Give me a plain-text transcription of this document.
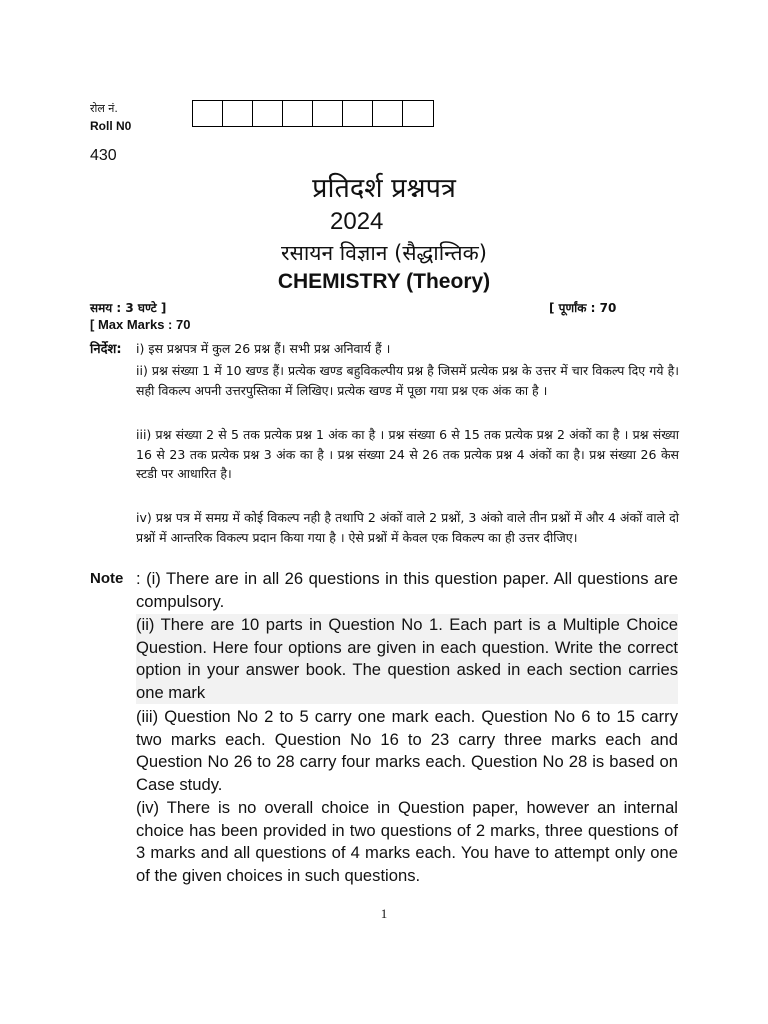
रोल नं.
Roll N0
430
प्रतिदर्श प्रश्नपत्र
2024
रसायन विज्ञान (सैद्धान्तिक)
CHEMISTRY (Theory)
समय : 3 घण्टे ]	[ पूर्णांक : 70
[ Max Marks : 70
निर्देश: i) इस प्रश्नपत्र में कुल 26 प्रश्न हैं। सभी प्रश्न अनिवार्य हैं ।

ii) प्रश्न संख्या 1 में 10 खण्ड हैं। प्रत्येक खण्ड बहुविकल्पीय प्रश्न है जिसमें प्रत्येक प्रश्न के उत्तर में चार विकल्प दिए गये है। सही विकल्प अपनी उत्तरपुस्तिका में लिखिए। प्रत्येक खण्ड में पूछा गया प्रश्न एक अंक का है ।

iii) प्रश्न संख्या 2 से 5 तक प्रत्येक प्रश्न 1 अंक का है । प्रश्न संख्या 6 से 15 तक प्रत्येक प्रश्न 2 अंकों का है । प्रश्न संख्या 16 से 23 तक प्रत्येक प्रश्न 3 अंक का है । प्रश्न संख्या 24 से 26 तक प्रत्येक प्रश्न 4 अंकों का है। प्रश्न संख्या 26 केस स्टडी पर आधारित है।

iv) प्रश्न पत्र में समग्र में कोई विकल्प नही है तथापि 2 अंकों वाले 2 प्रश्नों, 3 अंको वाले तीन प्रश्नों में और 4 अंकों वाले दो प्रश्नों में आन्तरिक विकल्प प्रदान किया गया है । ऐसे प्रश्नों में केवल एक विकल्प का ही उत्तर दीजिए।

Note : (i) There are in all 26 questions in this question paper. All questions are compulsory.

(ii) There are 10 parts in Question No 1. Each part is a Multiple Choice Question. Here four options are given in each question. Write the correct option in your answer book. The question asked in each section carries one mark

(iii) Question No 2 to 5 carry one mark each. Question No 6 to 15 carry two marks each. Question No 16 to 23 carry three marks each and Question No 26 to 28 carry four marks each. Question No 28 is based on Case study.

(iv) There is no overall choice in Question paper, however an internal choice has been provided in two questions of 2 marks, three questions of 3 marks and all questions of 4 marks each. You have to attempt only one of the given choices in such questions.

1
